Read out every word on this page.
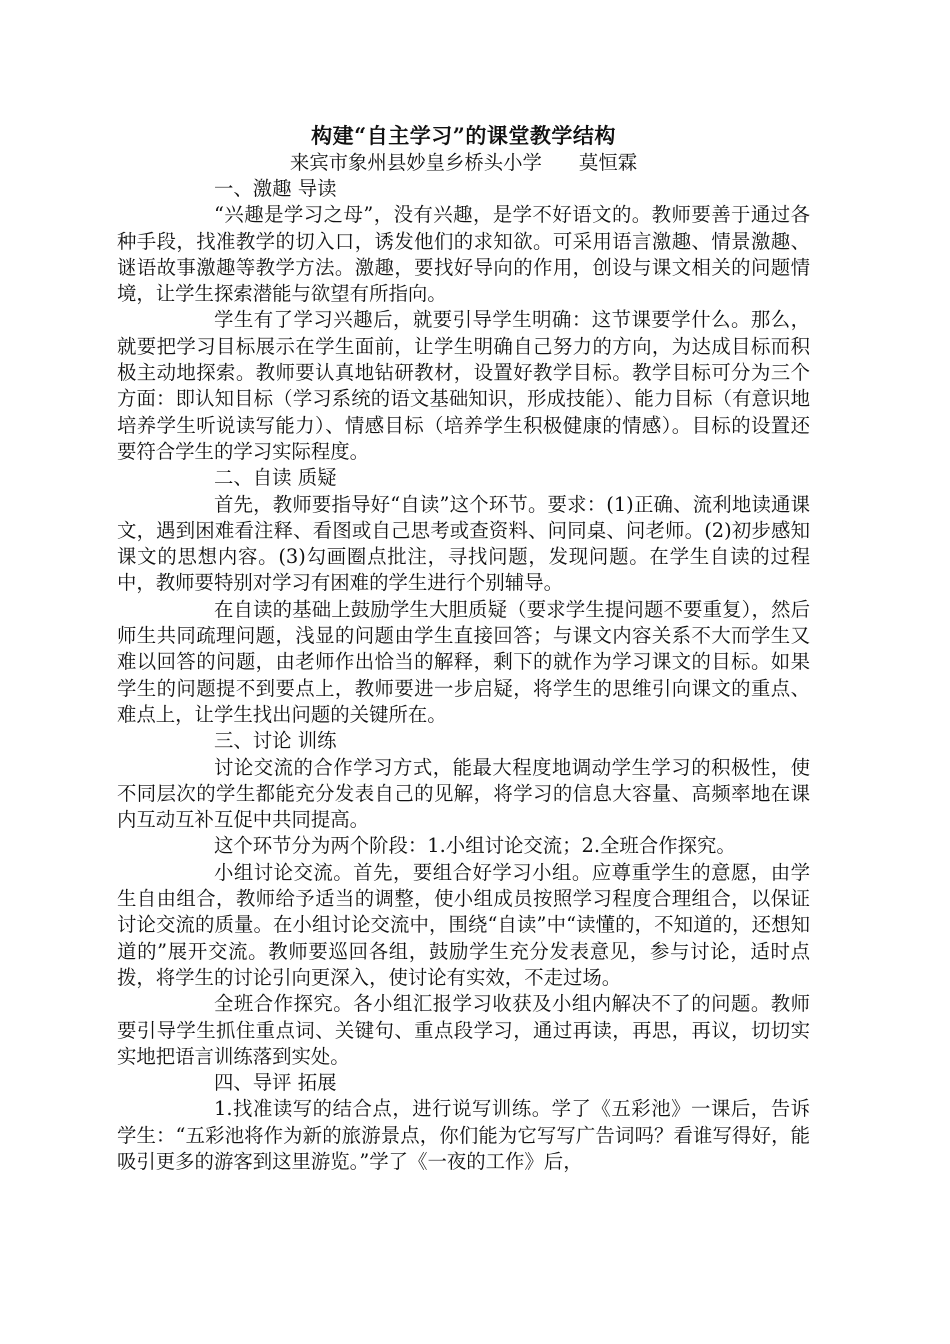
构建“自主学习”的课堂教学结构

来宾市象州县妙皇乡桥头小学      莫恒霖

一、激趣 导读

“兴趣是学习之母”，没有兴趣，是学不好语文的。教师要善于通过各种手段，找准教学的切入口，诱发他们的求知欲。可采用语言激趣、情景激趣、谜语故事激趣等教学方法。激趣，要找好导向的作用，创设与课文相关的问题情境，让学生探索潜能与欲望有所指向。

学生有了学习兴趣后，就要引导学生明确：这节课要学什么。那么，就要把学习目标展示在学生面前，让学生明确自己努力的方向，为达成目标而积极主动地探索。教师要认真地钻研教材，设置好教学目标。教学目标可分为三个方面：即认知目标（学习系统的语文基础知识，形成技能）、能力目标（有意识地培养学生听说读写能力）、情感目标（培养学生积极健康的情感）。目标的设置还要符合学生的学习实际程度。

二、自读 质疑

首先，教师要指导好“自读”这个环节。要求：(1)正确、流利地读通课文，遇到困难看注释、看图或自己思考或查资料、问同桌、问老师。(2)初步感知课文的思想内容。(3)勾画圈点批注，寻找问题，发现问题。在学生自读的过程中，教师要特别对学习有困难的学生进行个别辅导。

在自读的基础上鼓励学生大胆质疑（要求学生提问题不要重复），然后师生共同疏理问题，浅显的问题由学生直接回答；与课文内容关系不大而学生又难以回答的问题，由老师作出恰当的解释，剩下的就作为学习课文的目标。如果学生的问题提不到要点上，教师要进一步启疑，将学生的思维引向课文的重点、难点上，让学生找出问题的关键所在。

三、讨论 训练

讨论交流的合作学习方式，能最大程度地调动学生学习的积极性，使不同层次的学生都能充分发表自己的见解，将学习的信息大容量、高频率地在课内互动互补互促中共同提高。

这个环节分为两个阶段：1.小组讨论交流；2.全班合作探究。

小组讨论交流。首先，要组合好学习小组。应尊重学生的意愿，由学生自由组合，教师给予适当的调整，使小组成员按照学习程度合理组合，以保证讨论交流的质量。在小组讨论交流中，围绕“自读”中“读懂的，不知道的，还想知道的”展开交流。教师要巡回各组，鼓励学生充分发表意见，参与讨论，适时点拨，将学生的讨论引向更深入，使讨论有实效，不走过场。

全班合作探究。各小组汇报学习收获及小组内解决不了的问题。教师要引导学生抓住重点词、关键句、重点段学习，通过再读，再思，再议，切切实实地把语言训练落到实处。

四、导评 拓展

1.找准读写的结合点，进行说写训练。学了《五彩池》一课后，告诉学生：“五彩池将作为新的旅游景点，你们能为它写写广告词吗？看谁写得好，能吸引更多的游客到这里游览。”学了《一夜的工作》后，
